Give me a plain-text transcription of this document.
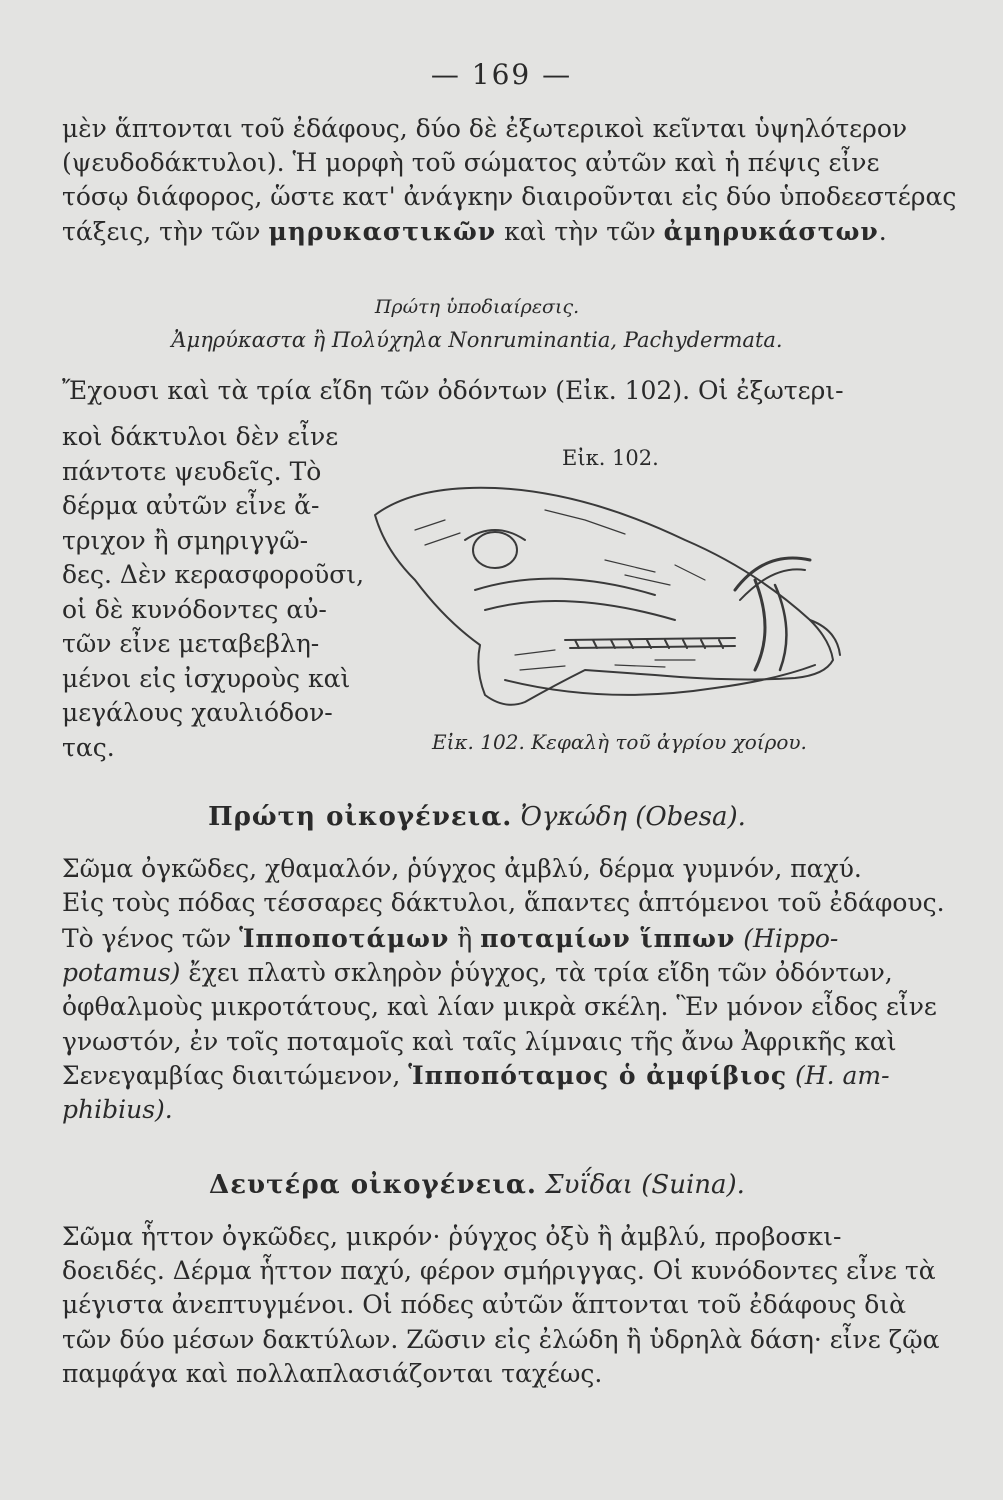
— 169 —
μὲν ἅπτονται τοῦ ἐδάφους, δύο δὲ ἐξωτερικοὶ κεῖνται ὑψηλότερον
(ψευδοδάκτυλοι). Ἡ μορφὴ τοῦ σώματος αὐτῶν καὶ ἡ πέψις εἶνε
τόσῳ διάφορος, ὥστε κατ' ἀνάγκην διαιροῦνται εἰς δύο ὑποδεεστέρας
τάξεις, τὴν τῶν μηρυκαστικῶν καὶ τὴν τῶν ἀμηρυκάστων.
Πρώτη ὑποδιαίρεσις.
Ἀμηρύκαστα ἢ Πολύχηλα Nonruminantia, Pachydermata.
Ἔχουσι καὶ τὰ τρία εἴδη τῶν ὀδόντων (Εἰκ. 102). Οἱ ἐξωτερι-
κοὶ δάκτυλοι δὲν εἶνε
πάντοτε ψευδεῖς. Τὸ
δέρμα αὐτῶν εἶνε ἄ-
τριχον ἢ σμηριγγῶ-
δες. Δὲν κερασφοροῦσι,
οἱ δὲ κυνόδοντες αὐ-
τῶν εἶνε μεταβεβλη-
μένοι εἰς ἰσχυροὺς καὶ
μεγάλους χαυλιόδον-
τας.
Εἰκ. 102.
Εἰκ. 102. Κεφαλὴ τοῦ ἀγρίου χοίρου.
Πρώτη οἰκογένεια. Ὀγκώδη (Obesa).
Σῶμα ὀγκῶδες, χθαμαλόν, ῥύγχος ἀμβλύ, δέρμα γυμνόν, παχύ.
Εἰς τοὺς πόδας τέσσαρες δάκτυλοι, ἅπαντες ἁπτόμενοι τοῦ ἐδάφους.
Τὸ γένος τῶν Ἱπποποτάμων ἢ ποταμίων ἵππων (Hippo-
potamus) ἔχει πλατὺ σκληρὸν ῥύγχος, τὰ τρία εἴδη τῶν ὀδόντων,
ὀφθαλμοὺς μικροτάτους, καὶ λίαν μικρὰ σκέλη. Ἓν μόνον εἶδος εἶνε
γνωστόν, ἐν τοῖς ποταμοῖς καὶ ταῖς λίμναις τῆς ἄνω Ἀφρικῆς καὶ
Σενεγαμβίας διαιτώμενον, Ἱπποπόταμος ὁ ἀμφίβιος (H. am-
phibius).
Δευτέρα οἰκογένεια. Συΐδαι (Suina).
Σῶμα ἧττον ὀγκῶδες, μικρόν· ῥύγχος ὀξὺ ἢ ἀμβλύ, προβοσκι-
δοειδές. Δέρμα ἧττον παχύ, φέρον σμήριγγας. Οἱ κυνόδοντες εἶνε τὰ
μέγιστα ἀνεπτυγμένοι. Οἱ πόδες αὐτῶν ἅπτονται τοῦ ἐδάφους διὰ
τῶν δύο μέσων δακτύλων. Ζῶσιν εἰς ἐλώδη ἢ ὑδρηλὰ δάση· εἶνε ζῷα
παμφάγα καὶ πολλαπλασιάζονται ταχέως.
